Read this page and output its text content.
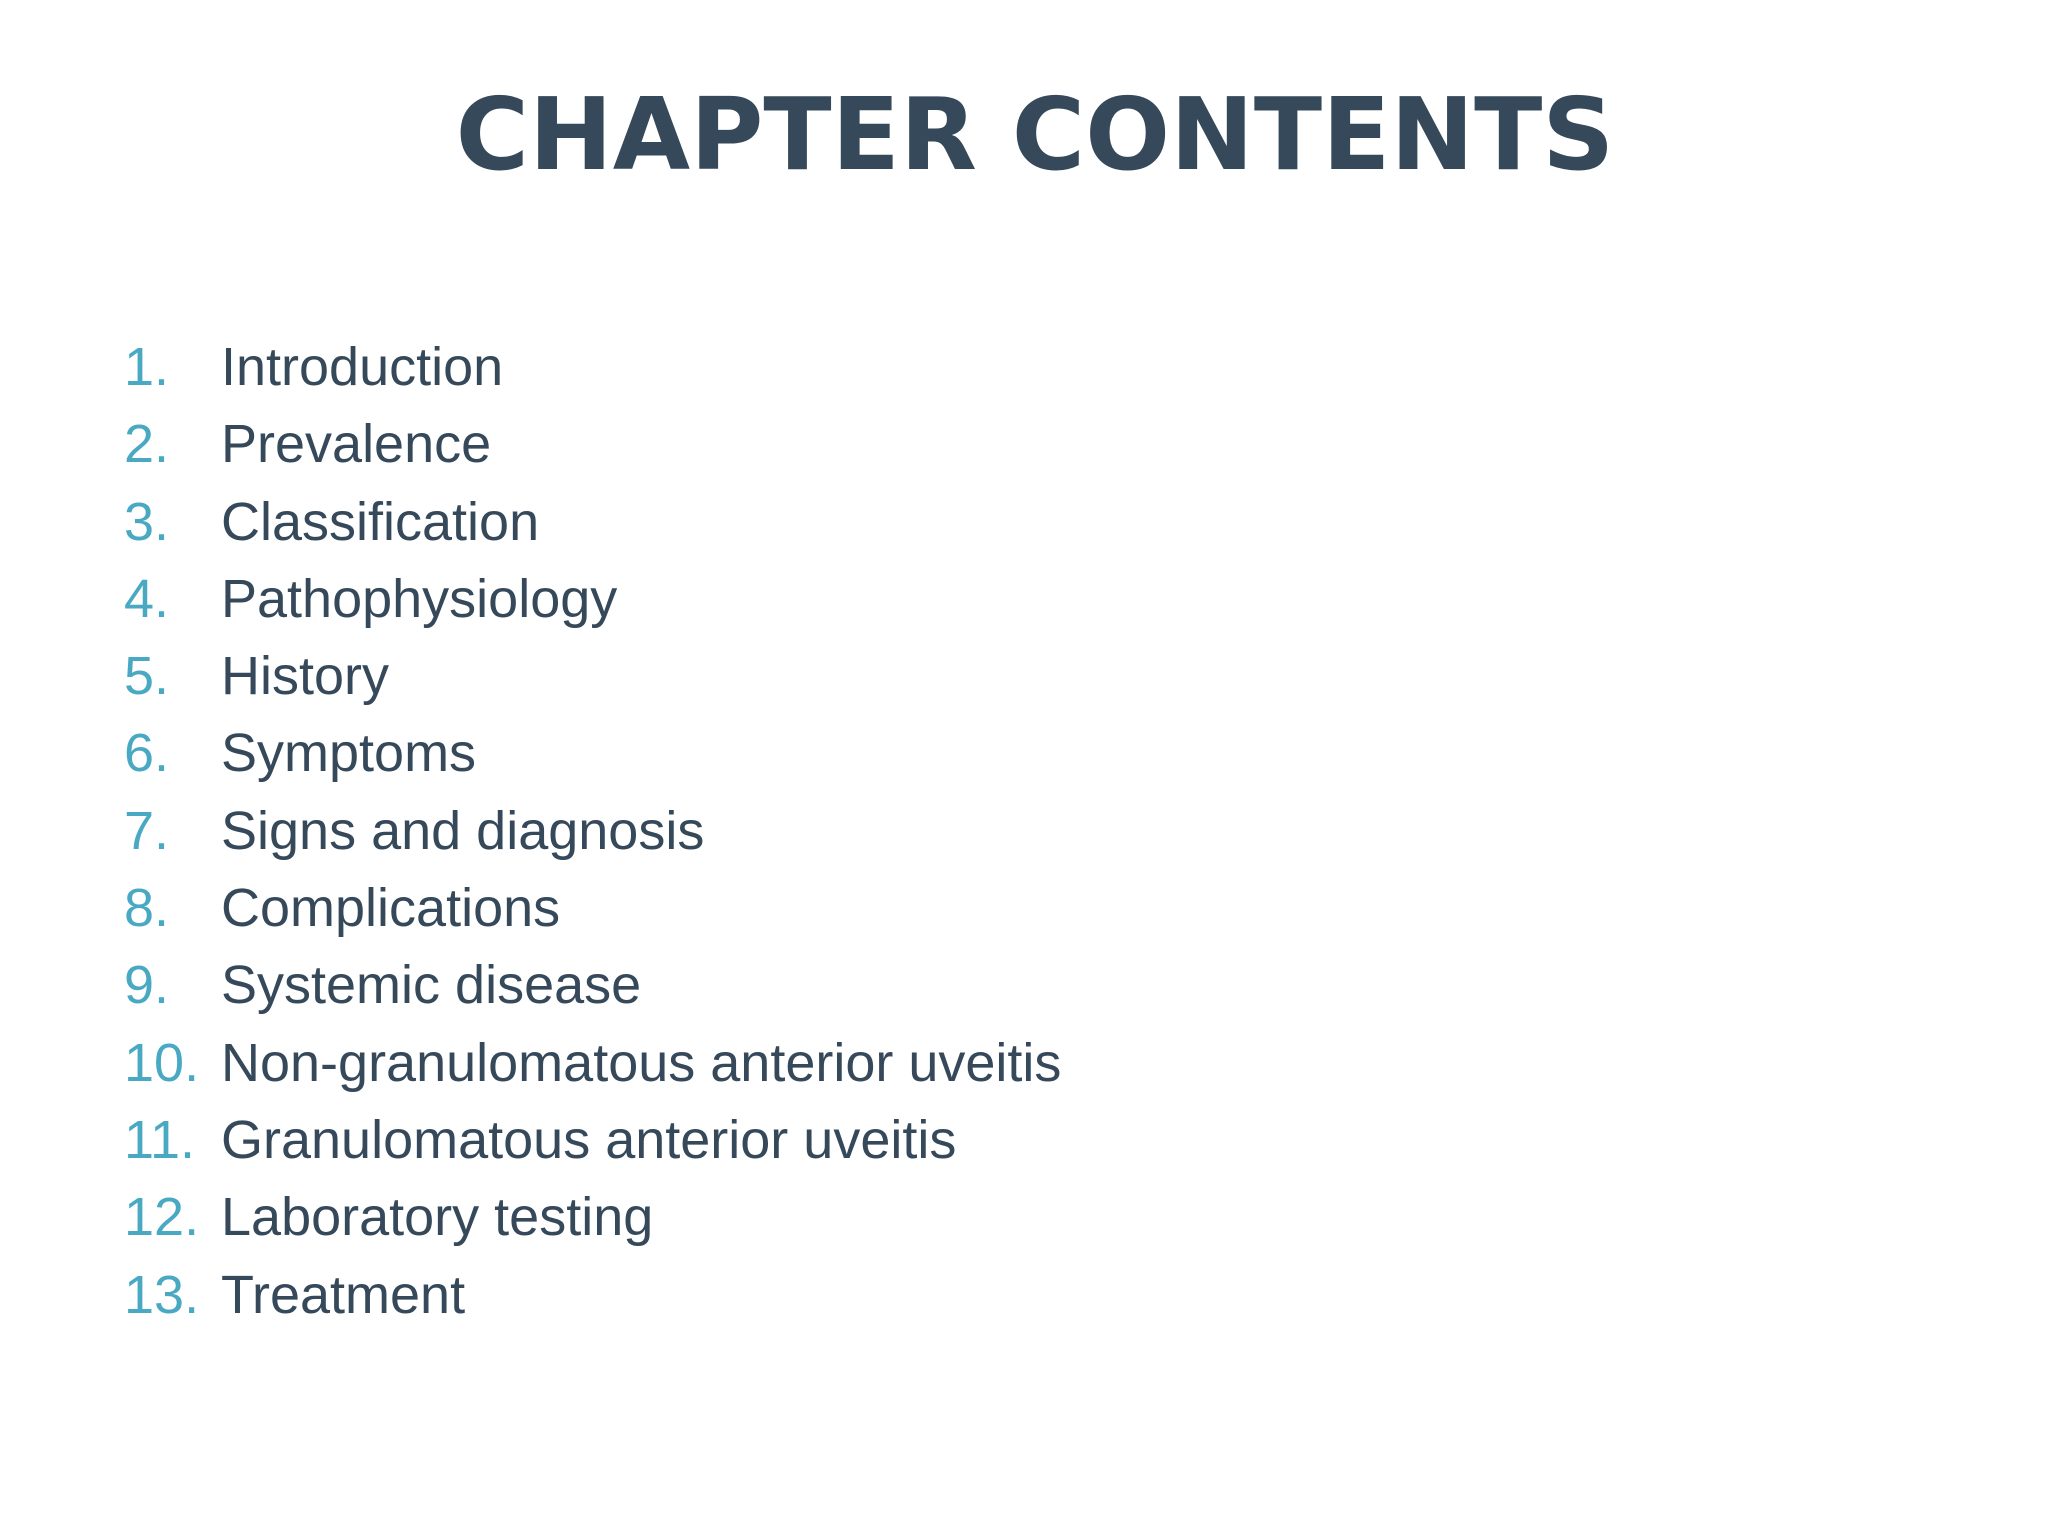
CHAPTER CONTENTS
1. Introduction
2. Prevalence
3. Classification
4. Pathophysiology
5. History
6. Symptoms
7. Signs and diagnosis
8. Complications
9. Systemic disease
10. Non-granulomatous anterior uveitis
11. Granulomatous anterior uveitis
12. Laboratory testing
13. Treatment
